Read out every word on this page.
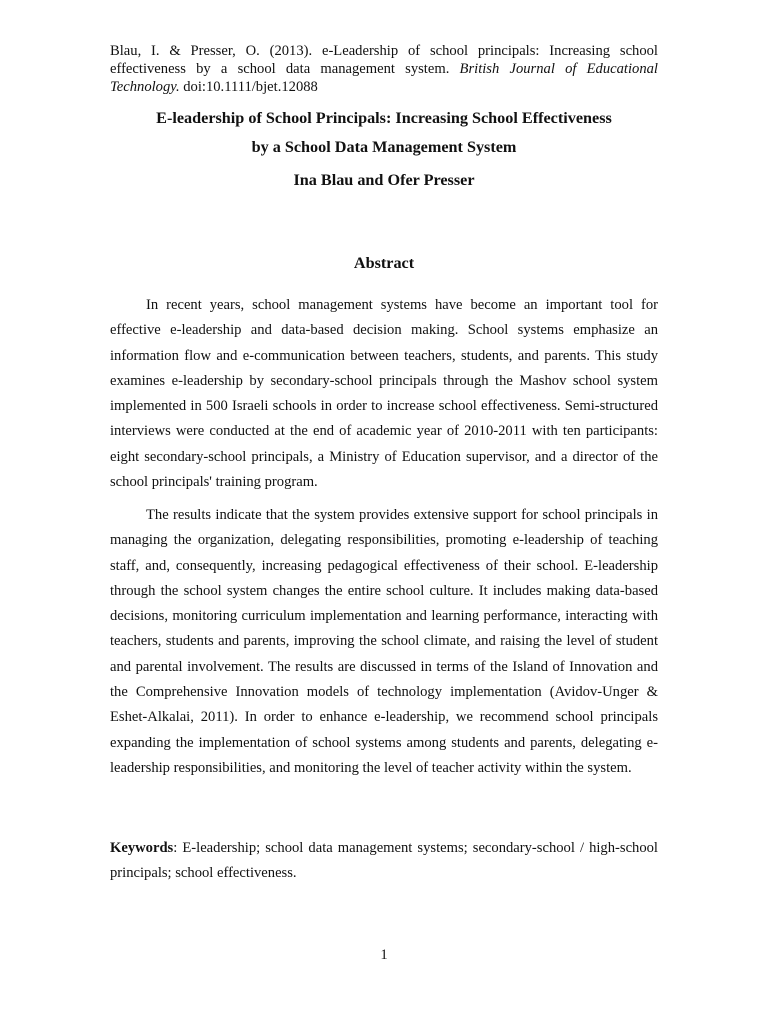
Blau, I. & Presser, O. (2013). e-Leadership of school principals: Increasing school effectiveness by a school data management system. British Journal of Educational Technology. doi:10.1111/bjet.12088
E-leadership of School Principals: Increasing School Effectiveness
by a School Data Management System

Ina Blau and Ofer Presser

Abstract

In recent years, school management systems have become an important tool for effective e-leadership and data-based decision making. School systems emphasize an information flow and e-communication between teachers, students, and parents. This study examines e-leadership by secondary-school principals through the Mashov school system implemented in 500 Israeli schools in order to increase school effectiveness. Semi-structured interviews were conducted at the end of academic year of 2010-2011 with ten participants: eight secondary-school principals, a Ministry of Education supervisor, and a director of the school principals' training program.

The results indicate that the system provides extensive support for school principals in managing the organization, delegating responsibilities, promoting e-leadership of teaching staff, and, consequently, increasing pedagogical effectiveness of their school. E-leadership through the school system changes the entire school culture. It includes making data-based decisions, monitoring curriculum implementation and learning performance, interacting with teachers, students and parents, improving the school climate, and raising the level of student and parental involvement. The results are discussed in terms of the Island of Innovation and the Comprehensive Innovation models of technology implementation (Avidov-Unger & Eshet-Alkalai, 2011). In order to enhance e-leadership, we recommend school principals expanding the implementation of school systems among students and parents, delegating e-leadership responsibilities, and monitoring the level of teacher activity within the system.

Keywords: E-leadership; school data management systems; secondary-school / high-school principals; school effectiveness.

1
